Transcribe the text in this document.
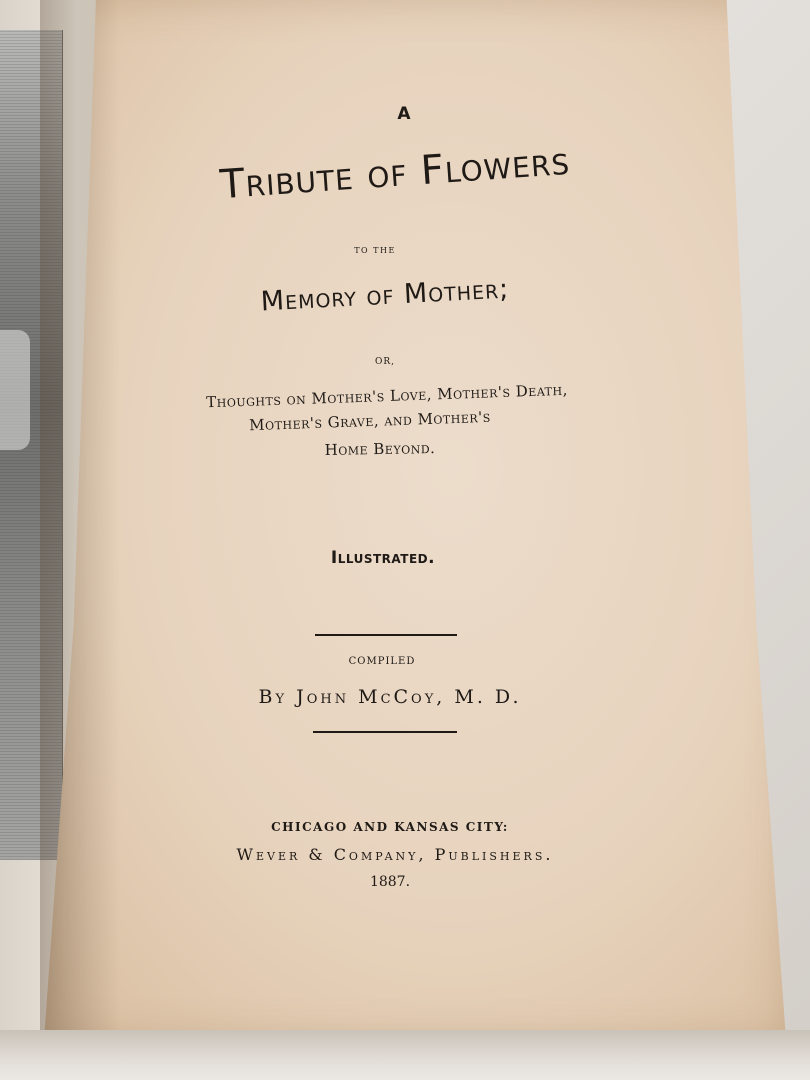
A
Tribute of Flowers
TO THE
Memory of Mother;
OR,
Thoughts on Mother's Love, Mother's Death,
Mother's Grave, and Mother's
Home Beyond.
Illustrated.
COMPILED
By John McCoy, M. D.
CHICAGO AND KANSAS CITY:
Wever & Company, Publishers.
1887.
